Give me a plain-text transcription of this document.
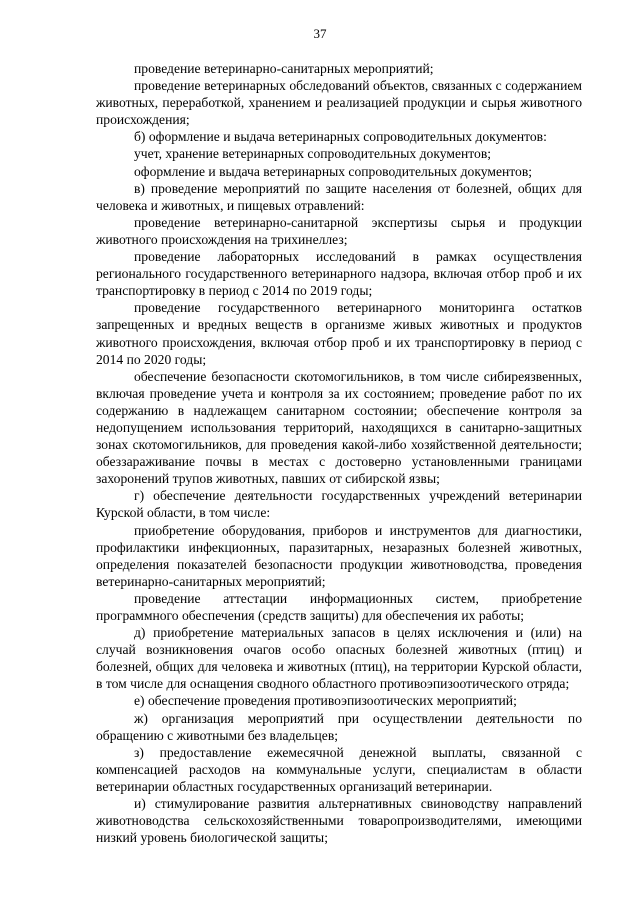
37

проведение ветеринарно-санитарных мероприятий;

проведение ветеринарных обследований объектов, связанных с содержанием животных, переработкой, хранением и реализацией продукции и сырья животного происхождения;

б) оформление и выдача ветеринарных сопроводительных документов:

учет, хранение ветеринарных сопроводительных документов;

оформление и выдача ветеринарных сопроводительных документов;

в) проведение мероприятий по защите населения от болезней, общих для человека и животных, и пищевых отравлений:

проведение ветеринарно-санитарной экспертизы сырья и продукции животного происхождения на трихинеллез;

проведение лабораторных исследований в рамках осуществления регионального государственного ветеринарного надзора, включая отбор проб и их транспортировку в период с 2014 по 2019 годы;

проведение государственного ветеринарного мониторинга остатков запрещенных и вредных веществ в организме живых животных и продуктов животного происхождения, включая отбор проб и их транспортировку в период с 2014 по 2020 годы;

обеспечение безопасности скотомогильников, в том числе сибиреязвенных, включая проведение учета и контроля за их состоянием; проведение работ по их содержанию в надлежащем санитарном состоянии; обеспечение контроля за недопущением использования территорий, находящихся в санитарно-защитных зонах скотомогильников, для проведения какой-либо хозяйственной деятельности; обеззараживание почвы в местах с достоверно установленными границами захоронений трупов животных, павших от сибирской язвы;

г) обеспечение деятельности государственных учреждений ветеринарии Курской области, в том числе:

приобретение оборудования, приборов и инструментов для диагностики, профилактики инфекционных, паразитарных, незаразных болезней животных, определения показателей безопасности продукции животноводства, проведения ветеринарно-санитарных мероприятий;

проведение аттестации информационных систем, приобретение программного обеспечения (средств защиты) для обеспечения их работы;

д) приобретение материальных запасов в целях исключения и (или) на случай возникновения очагов особо опасных болезней животных (птиц) и болезней, общих для человека и животных (птиц), на территории Курской области, в том числе для оснащения сводного областного противоэпизоотического отряда;

е) обеспечение проведения противоэпизоотических мероприятий;

ж) организация мероприятий при осуществлении деятельности по обращению с животными без владельцев;

з) предоставление ежемесячной денежной выплаты, связанной с компенсацией расходов на коммунальные услуги, специалистам в области ветеринарии областных государственных организаций ветеринарии.

и) стимулирование развития альтернативных свиноводству направлений животноводства сельскохозяйственными товаропроизводителями, имеющими низкий уровень биологической защиты;
